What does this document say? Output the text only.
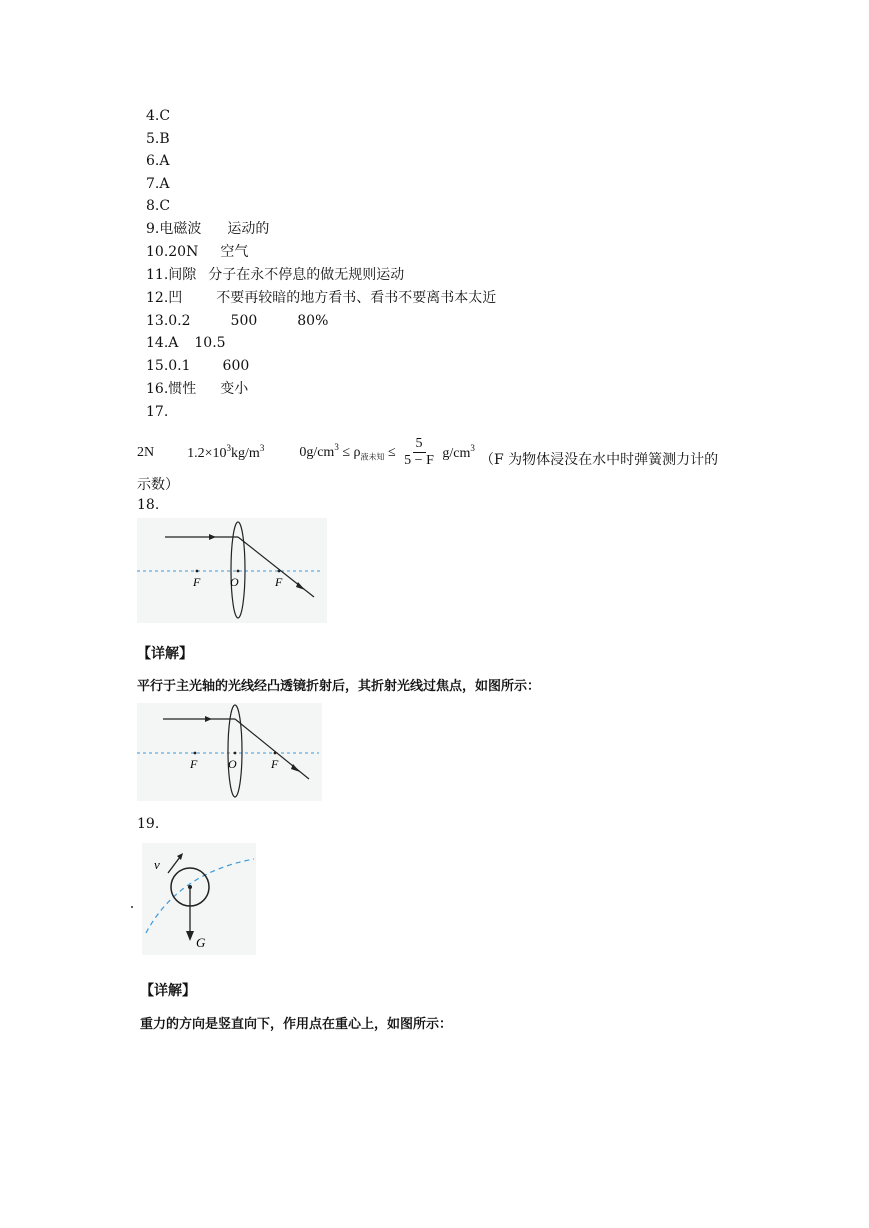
4.C
5.B
6.A
7.A
8.C
9.电磁波 运动的
10.20N 空气
11.间隙 分子在永不停息的做无规则运动
12.凹 不要再较暗的地方看书、看书不要离书本太近
13.0.2	500	80%
14.A 10.5
15.0.1 600
16.惯性 变小
17.
2N $1.2\times 10^3kg/m^3$	$0g/cm^3 \le \rho_{液未知} \le \frac{5}{5 - F} g/cm^3$
（F 为物体浸没在水中时弹簧测力计的
示数）
18.
F O	F
【详解】
平行于主光轴的光线经凸透镜折射后，其折射光线过焦点，如图所示：
F	O	F
19.
v
G
【详解】
重力的方向是竖直向下，作用点在重心上，如图所示：
